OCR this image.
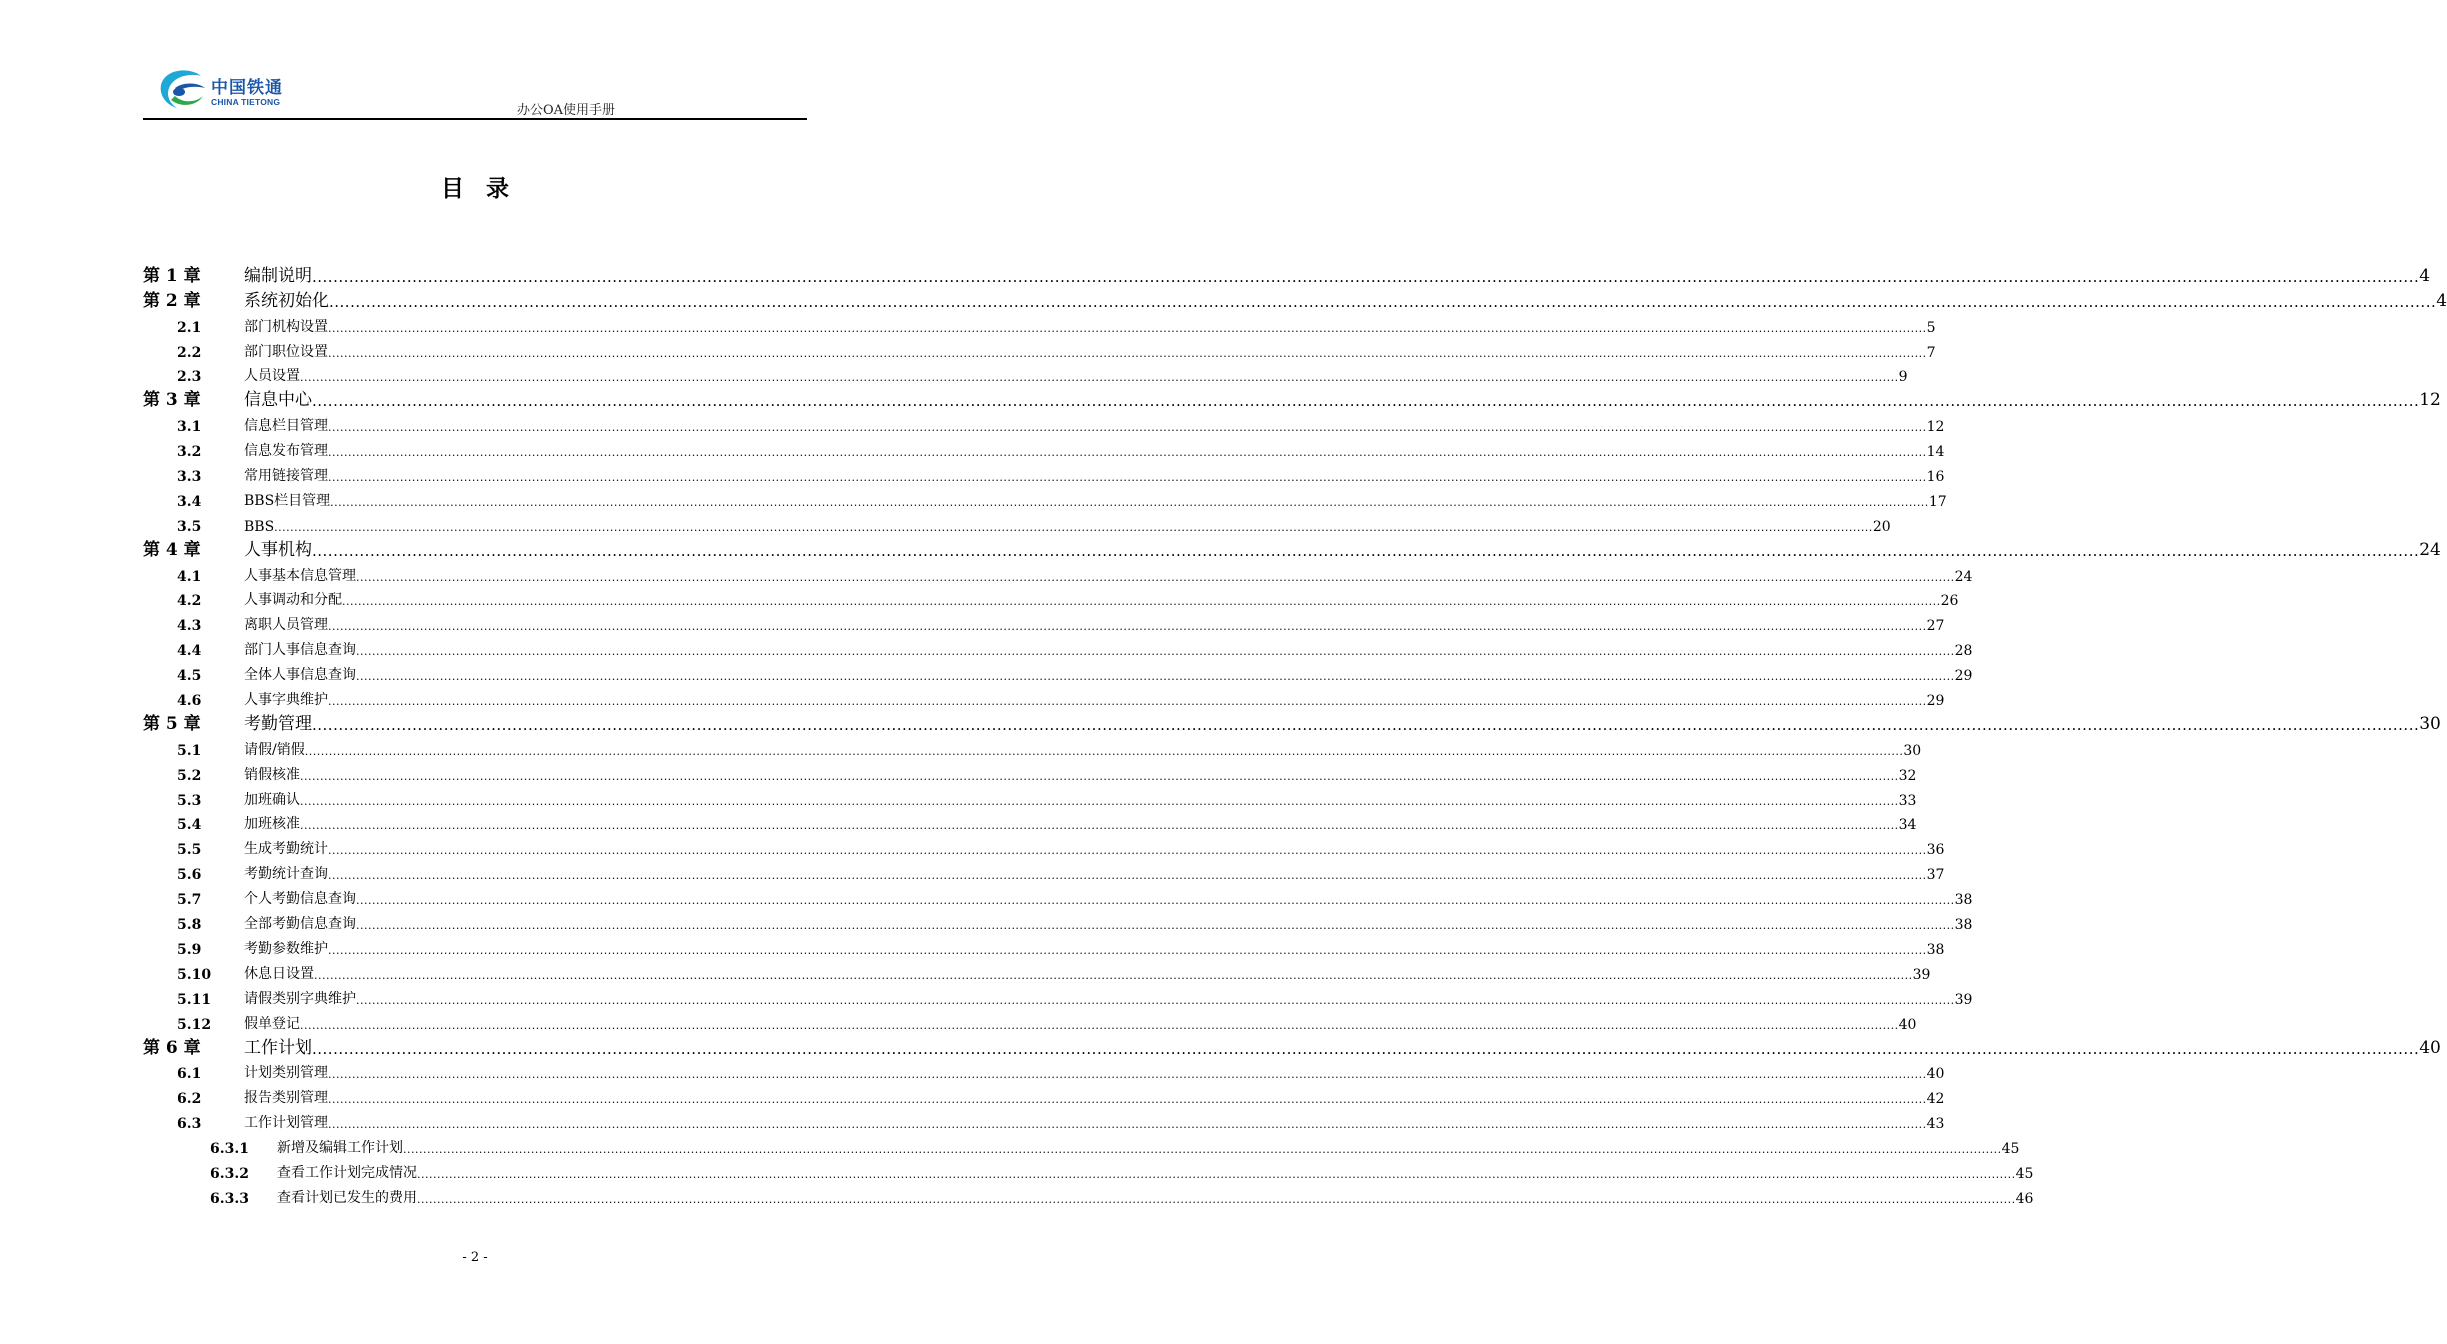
中国铁通
CHINA TIETONG
办公OA使用手册
目录
第 1 章	编制说明 ................................................................................................................................................................................................................................................................................................................................................................................................................ 4
第 2 章	系统初始化 ................................................................................................................................................................................................................................................................................................................................................................................................................ 4
2.1	部门机构设置 ................................................................................................................................................................................................................................................................................................................................................................................................................ 5
2.2	部门职位设置 ................................................................................................................................................................................................................................................................................................................................................................................................................ 7
2.3	人员设置 ................................................................................................................................................................................................................................................................................................................................................................................................................ 9
第 3 章	信息中心 ................................................................................................................................................................................................................................................................................................................................................................................................................ 12
3.1	信息栏目管理 ................................................................................................................................................................................................................................................................................................................................................................................................................ 12
3.2	信息发布管理 ................................................................................................................................................................................................................................................................................................................................................................................................................ 14
3.3	常用链接管理 ................................................................................................................................................................................................................................................................................................................................................................................................................ 16
3.4	BBS栏目管理 ................................................................................................................................................................................................................................................................................................................................................................................................................ 17
3.5	BBS ................................................................................................................................................................................................................................................................................................................................................................................................................ 20
第 4 章	人事机构 ................................................................................................................................................................................................................................................................................................................................................................................................................ 24
4.1	人事基本信息管理 ................................................................................................................................................................................................................................................................................................................................................................................................................ 24
4.2	人事调动和分配 ................................................................................................................................................................................................................................................................................................................................................................................................................ 26
4.3	离职人员管理 ................................................................................................................................................................................................................................................................................................................................................................................................................ 27
4.4	部门人事信息查询 ................................................................................................................................................................................................................................................................................................................................................................................................................ 28
4.5	全体人事信息查询 ................................................................................................................................................................................................................................................................................................................................................................................................................ 29
4.6	人事字典维护 ................................................................................................................................................................................................................................................................................................................................................................................................................ 29
第 5 章	考勤管理 ................................................................................................................................................................................................................................................................................................................................................................................................................ 30
5.1	请假/销假 ................................................................................................................................................................................................................................................................................................................................................................................................................ 30
5.2	销假核准 ................................................................................................................................................................................................................................................................................................................................................................................................................ 32
5.3	加班确认 ................................................................................................................................................................................................................................................................................................................................................................................................................ 33
5.4	加班核准 ................................................................................................................................................................................................................................................................................................................................................................................................................ 34
5.5	生成考勤统计 ................................................................................................................................................................................................................................................................................................................................................................................................................ 36
5.6	考勤统计查询 ................................................................................................................................................................................................................................................................................................................................................................................................................ 37
5.7	个人考勤信息查询 ................................................................................................................................................................................................................................................................................................................................................................................................................ 38
5.8	全部考勤信息查询 ................................................................................................................................................................................................................................................................................................................................................................................................................ 38
5.9	考勤参数维护 ................................................................................................................................................................................................................................................................................................................................................................................................................ 38
5.10	休息日设置 ................................................................................................................................................................................................................................................................................................................................................................................................................ 39
5.11	请假类别字典维护 ................................................................................................................................................................................................................................................................................................................................................................................................................ 39
5.12	假单登记 ................................................................................................................................................................................................................................................................................................................................................................................................................ 40
第 6 章	工作计划 ................................................................................................................................................................................................................................................................................................................................................................................................................ 40
6.1	计划类别管理 ................................................................................................................................................................................................................................................................................................................................................................................................................ 40
6.2	报告类别管理 ................................................................................................................................................................................................................................................................................................................................................................................................................ 42
6.3	工作计划管理 ................................................................................................................................................................................................................................................................................................................................................................................................................ 43
6.3.1	新增及编辑工作计划 ................................................................................................................................................................................................................................................................................................................................................................................................................ 45
6.3.2	查看工作计划完成情况 ................................................................................................................................................................................................................................................................................................................................................................................................................ 45
6.3.3	查看计划已发生的费用 ................................................................................................................................................................................................................................................................................................................................................................................................................ 46
- 2 -
